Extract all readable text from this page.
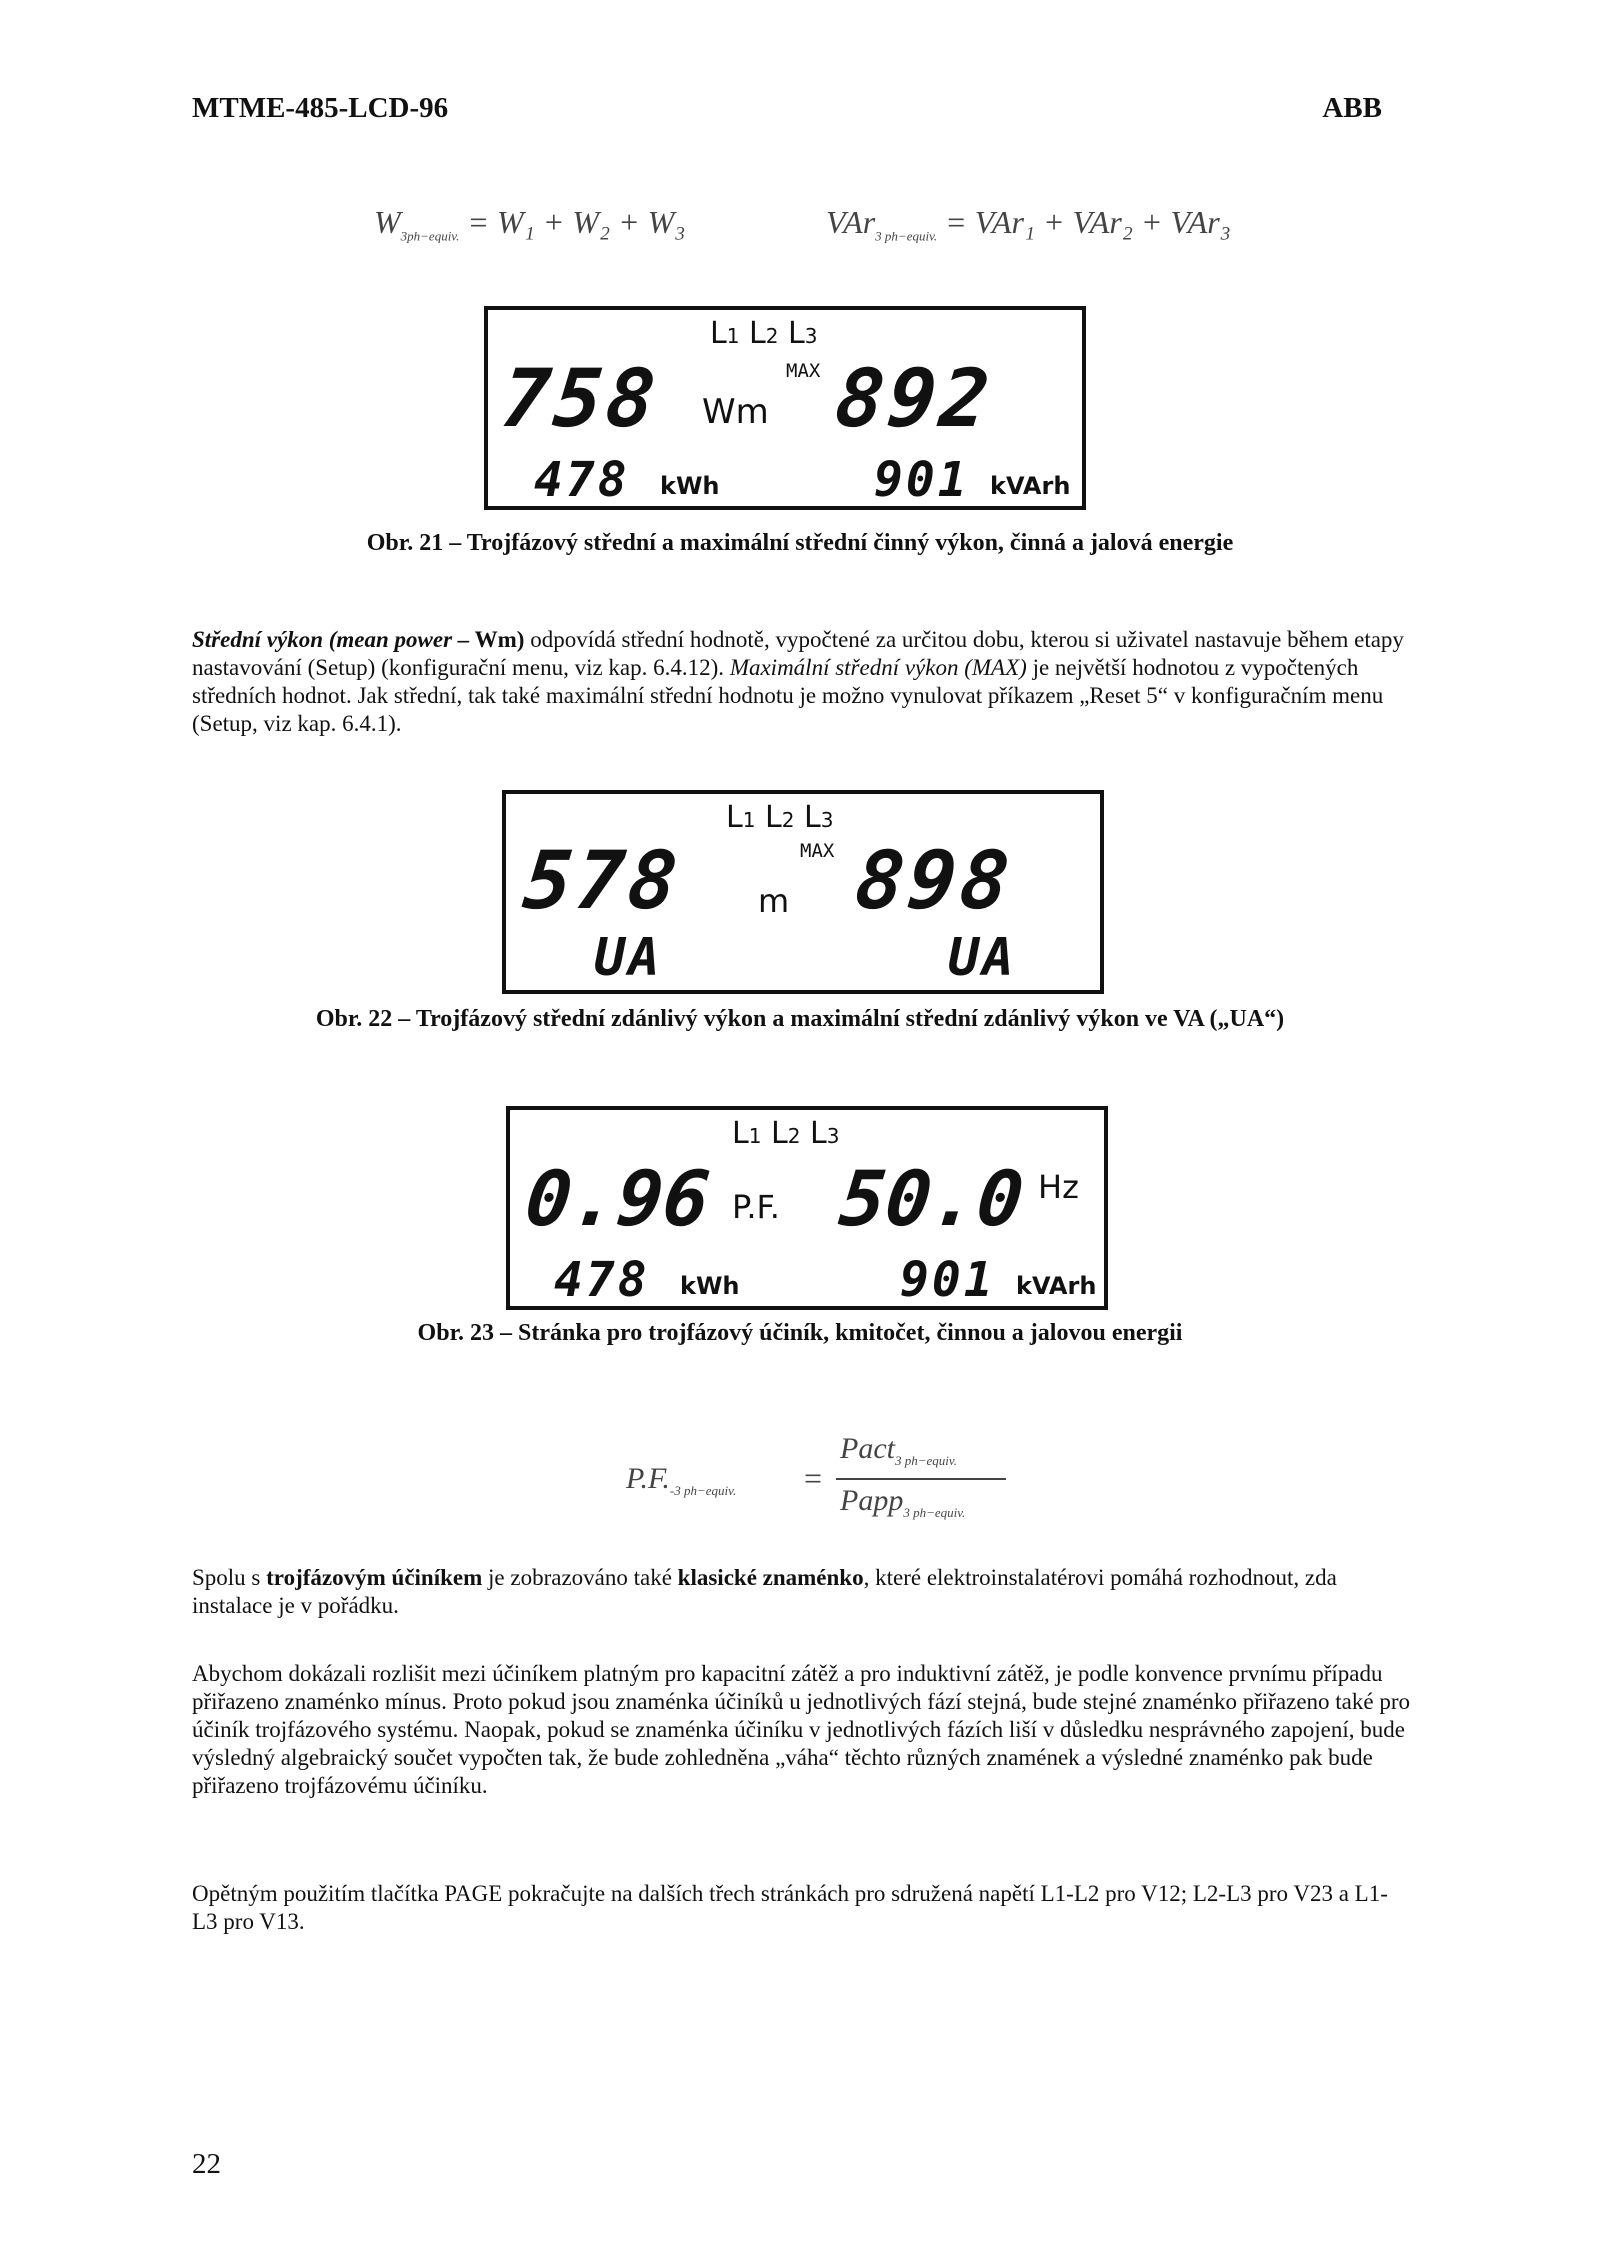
MTME-485-LCD-96	ABB
$W_{3ph-equiv.} = W_1 + W_2 + W_3$	VAr$_{3 ph-equiv.}$ = VAr₁ + VAr₂ + VAr₃
L1 L2 L3
MAX
758 Wm 892
478 kWh	901 kVArh
Obr. 21 – Trojfázový střední a maximální střední činný výkon, činná a jalová energie
Střední výkon (mean power – Wm) odpovídá střední hodnotě, vypočtené za určitou dobu, kterou si uživatel nastavuje během etapy nastavování (Setup) (konfigurační menu, viz kap. 6.4.12). Maximální střední výkon (MAX) je největší hodnotou z vypočtených středních hodnot. Jak střední, tak také maximální střední hodnotu je možno vynulovat příkazem „Reset 5“ v konfiguračním menu (Setup, viz kap. 6.4.1).
L1 L2 L3
MAX
578 m 898
UA	UA
Obr. 22 – Trojfázový střední zdánlivý výkon a maximální střední zdánlivý výkon ve VA („UA“)
L1 L2 L3
0.96 P.F. 50.0 Hz
478 kWh	901 kVArh
Obr. 23 – Stránka pro trojfázový účiník, kmitočet, činnou a jalovou energii
$P.F._{-3 ph-equiv.}$ =
Pact$_{3 ph-equiv.}$
Papp$_{3 ph-equiv.}$
Spolu s trojfázovým účiníkem je zobrazováno také klasické znaménko, které elektroinstalatérovi pomáhá rozhodnout, zda instalace je v pořádku.
Abychom dokázali rozlišit mezi účiníkem platným pro kapacitní zátěž a pro induktivní zátěž, je podle konvence prvnímu případu přiřazeno znaménko mínus. Proto pokud jsou znaménka účiníků u jednotlivých fází stejná, bude stejné znaménko přiřazeno také pro účiník trojfázového systému. Naopak, pokud se znaménka účiníku v jednotlivých fázích liší v důsledku nesprávného zapojení, bude výsledný algebraický součet vypočten tak, že bude zohledněna „váha“ těchto různých znamének a výsledné znaménko pak bude přiřazeno trojfázovému účiníku.
Opětným použitím tlačítka PAGE pokračujte na dalších třech stránkách pro sdružená napětí L1-L2 pro V12; L2-L3 pro V23 a L1-L3 pro V13.
22
